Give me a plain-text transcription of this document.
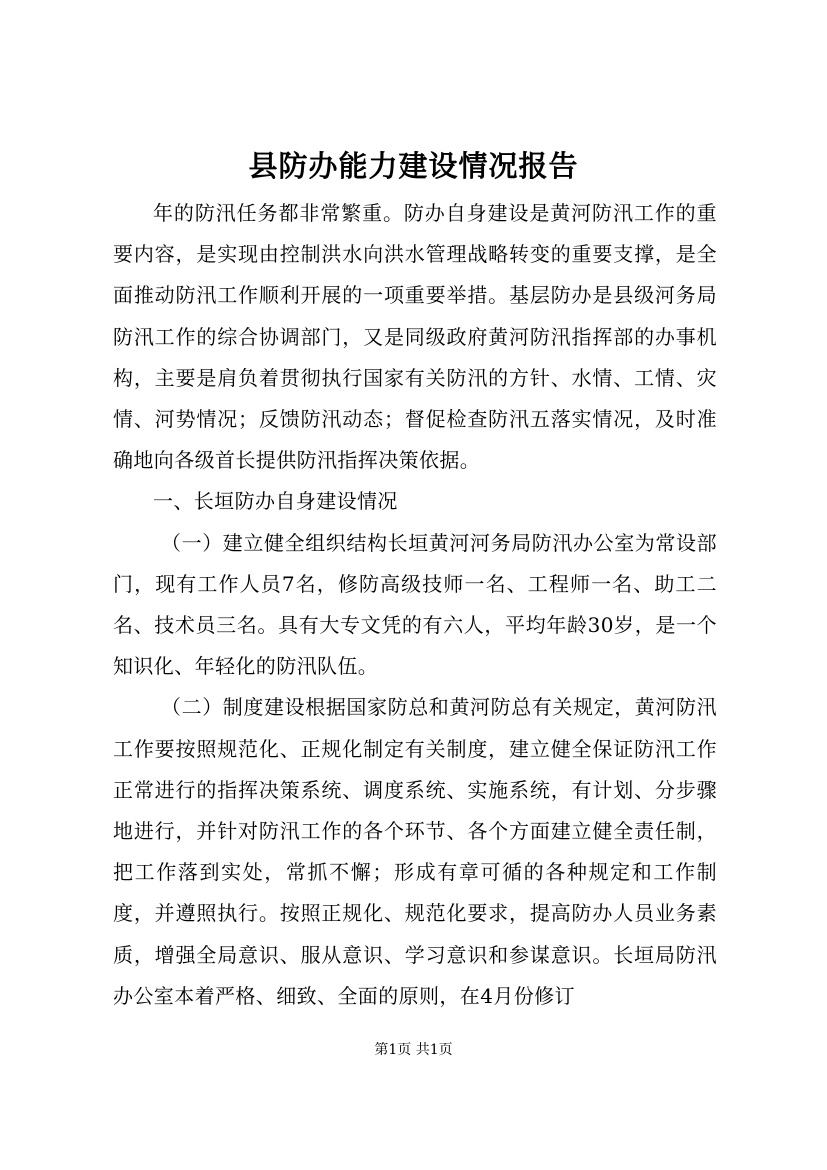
县防办能力建设情况报告

年的防汛任务都非常繁重。防办自身建设是黄河防汛工作的重要内容，是实现由控制洪水向洪水管理战略转变的重要支撑，是全面推动防汛工作顺利开展的一项重要举措。基层防办是县级河务局防汛工作的综合协调部门，又是同级政府黄河防汛指挥部的办事机构，主要是肩负着贯彻执行国家有关防汛的方针、水情、工情、灾情、河势情况；反馈防汛动态；督促检查防汛五落实情况，及时准确地向各级首长提供防汛指挥决策依据。

一、长垣防办自身建设情况

（一）建立健全组织结构长垣黄河河务局防汛办公室为常设部门，现有工作人员7名，修防高级技师一名、工程师一名、助工二名、技术员三名。具有大专文凭的有六人，平均年龄30岁，是一个知识化、年轻化的防汛队伍。

（二）制度建设根据国家防总和黄河防总有关规定，黄河防汛工作要按照规范化、正规化制定有关制度，建立健全保证防汛工作正常进行的指挥决策系统、调度系统、实施系统，有计划、分步骤地进行，并针对防汛工作的各个环节、各个方面建立健全责任制，把工作落到实处，常抓不懈；形成有章可循的各种规定和工作制度，并遵照执行。按照正规化、规范化要求，提高防办人员业务素质，增强全局意识、服从意识、学习意识和参谋意识。长垣局防汛办公室本着严格、细致、全面的原则，在4月份修订

第1页 共1页
